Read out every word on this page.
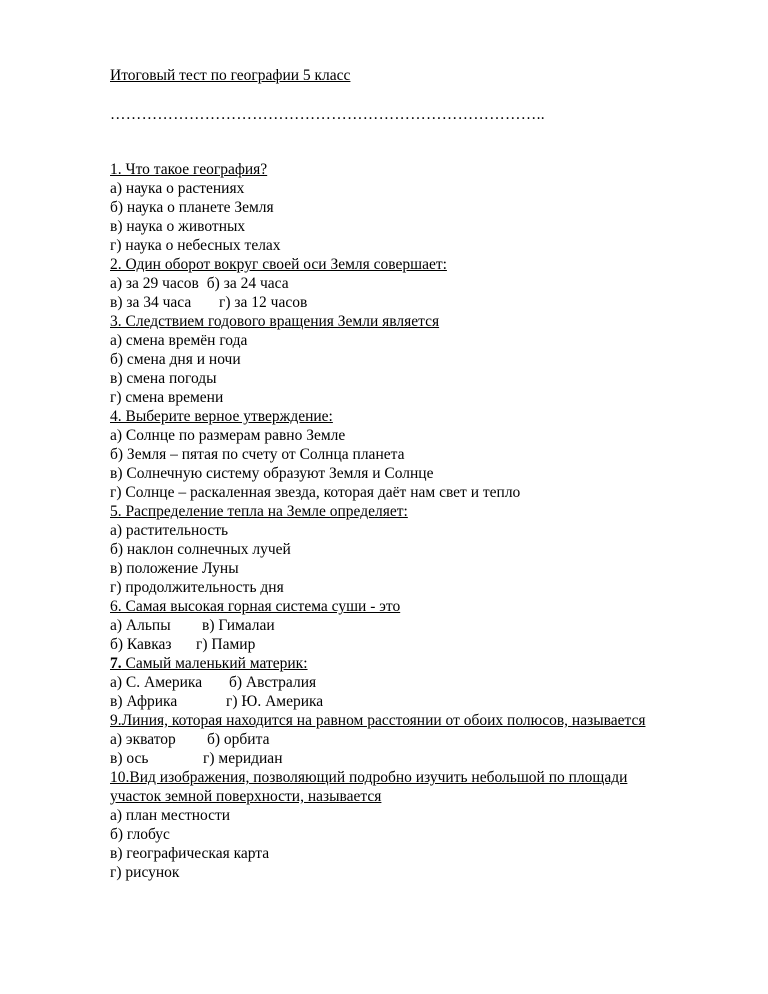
Итоговый тест по географии 5 класс

………………………………………………………………………..
1. Что такое география?
а) наука о растениях
б) наука о планете Земля
в) наука о животных
г) наука о небесных телах
2. Один оборот вокруг своей оси Земля совершает:
а) за 29 часов б) за 24 часа
в) за 34 часа г) за 12 часов
3. Следствием годового вращения Земли является
а) смена времён года
б) смена дня и ночи
в) смена погоды
г) смена времени
4. Выберите верное утверждение:
а) Солнце по размерам равно Земле
б) Земля – пятая по счету от Солнца планета
в) Солнечную систему образуют Земля и Солнце
г) Солнце – раскаленная звезда, которая даёт нам свет и тепло
5. Распределение тепла на Земле определяет:
а) растительность
б) наклон солнечных лучей
в) положение Луны
г) продолжительность дня
6. Самая высокая горная система суши - это
а) Альпы в) Гималаи
б) Кавказ г) Памир
7. Самый маленький материк:
а) С. Америка б) Австралия
в) Африка	г) Ю. Америка
9.Линия, которая находится на равном расстоянии от обоих полюсов, называется
а) экватор б) орбита
в) ось	г) меридиан
10.Вид изображения, позволяющий подробно изучить небольшой по площади участок земной поверхности, называется
а) план местности
б) глобус
в) географическая карта
г) рисунок
